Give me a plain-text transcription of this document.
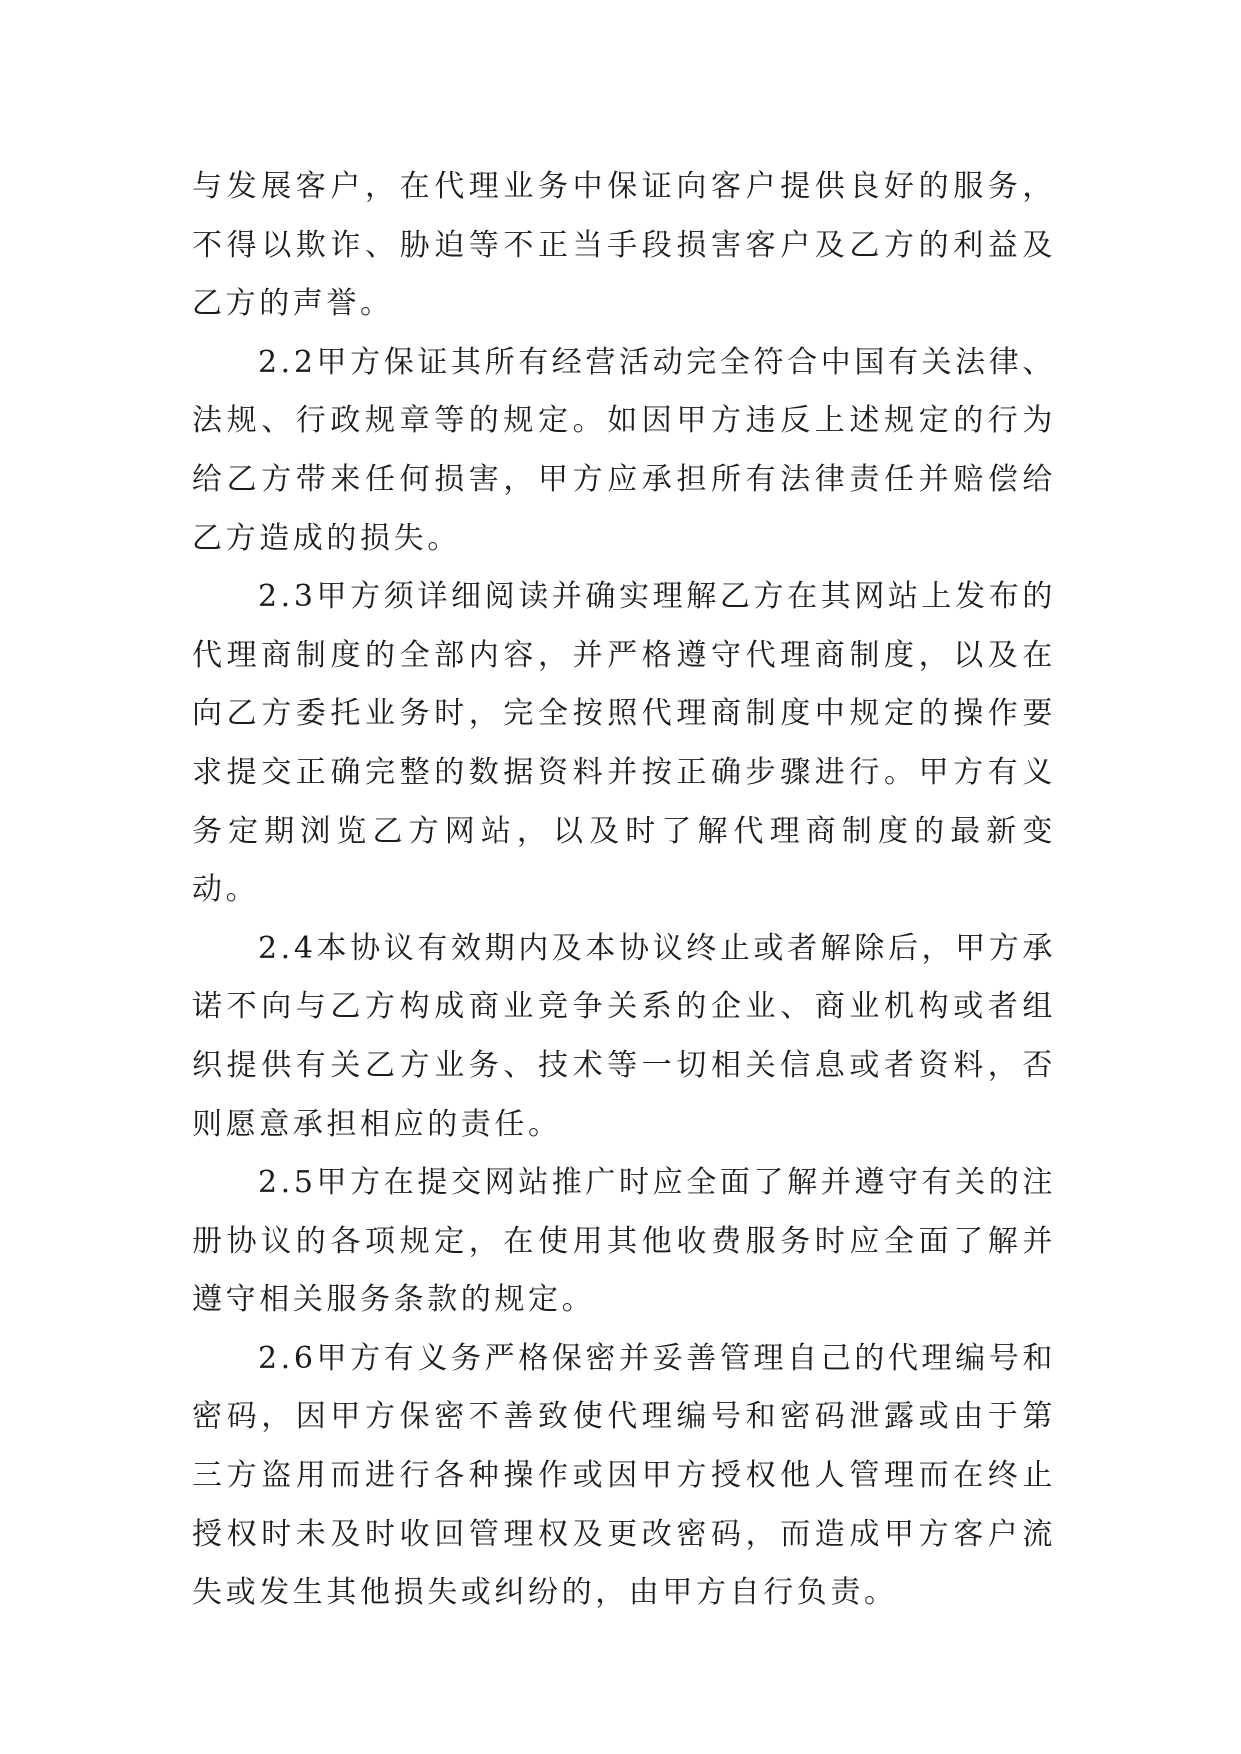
与发展客户，在代理业务中保证向客户提供良好的服务，不得以欺诈、胁迫等不正当手段损害客户及乙方的利益及乙方的声誉。

2.2甲方保证其所有经营活动完全符合中国有关法律、法规、行政规章等的规定。如因甲方违反上述规定的行为给乙方带来任何损害，甲方应承担所有法律责任并赔偿给乙方造成的损失。

2.3甲方须详细阅读并确实理解乙方在其网站上发布的代理商制度的全部内容，并严格遵守代理商制度，以及在向乙方委托业务时，完全按照代理商制度中规定的操作要求提交正确完整的数据资料并按正确步骤进行。甲方有义务定期浏览乙方网站，以及时了解代理商制度的最新变动。

2.4本协议有效期内及本协议终止或者解除后，甲方承诺不向与乙方构成商业竞争关系的企业、商业机构或者组织提供有关乙方业务、技术等一切相关信息或者资料，否则愿意承担相应的责任。

2.5甲方在提交网站推广时应全面了解并遵守有关的注册协议的各项规定，在使用其他收费服务时应全面了解并遵守相关服务条款的规定。

2.6甲方有义务严格保密并妥善管理自己的代理编号和密码，因甲方保密不善致使代理编号和密码泄露或由于第三方盗用而进行各种操作或因甲方授权他人管理而在终止授权时未及时收回管理权及更改密码，而造成甲方客户流失或发生其他损失或纠纷的，由甲方自行负责。
